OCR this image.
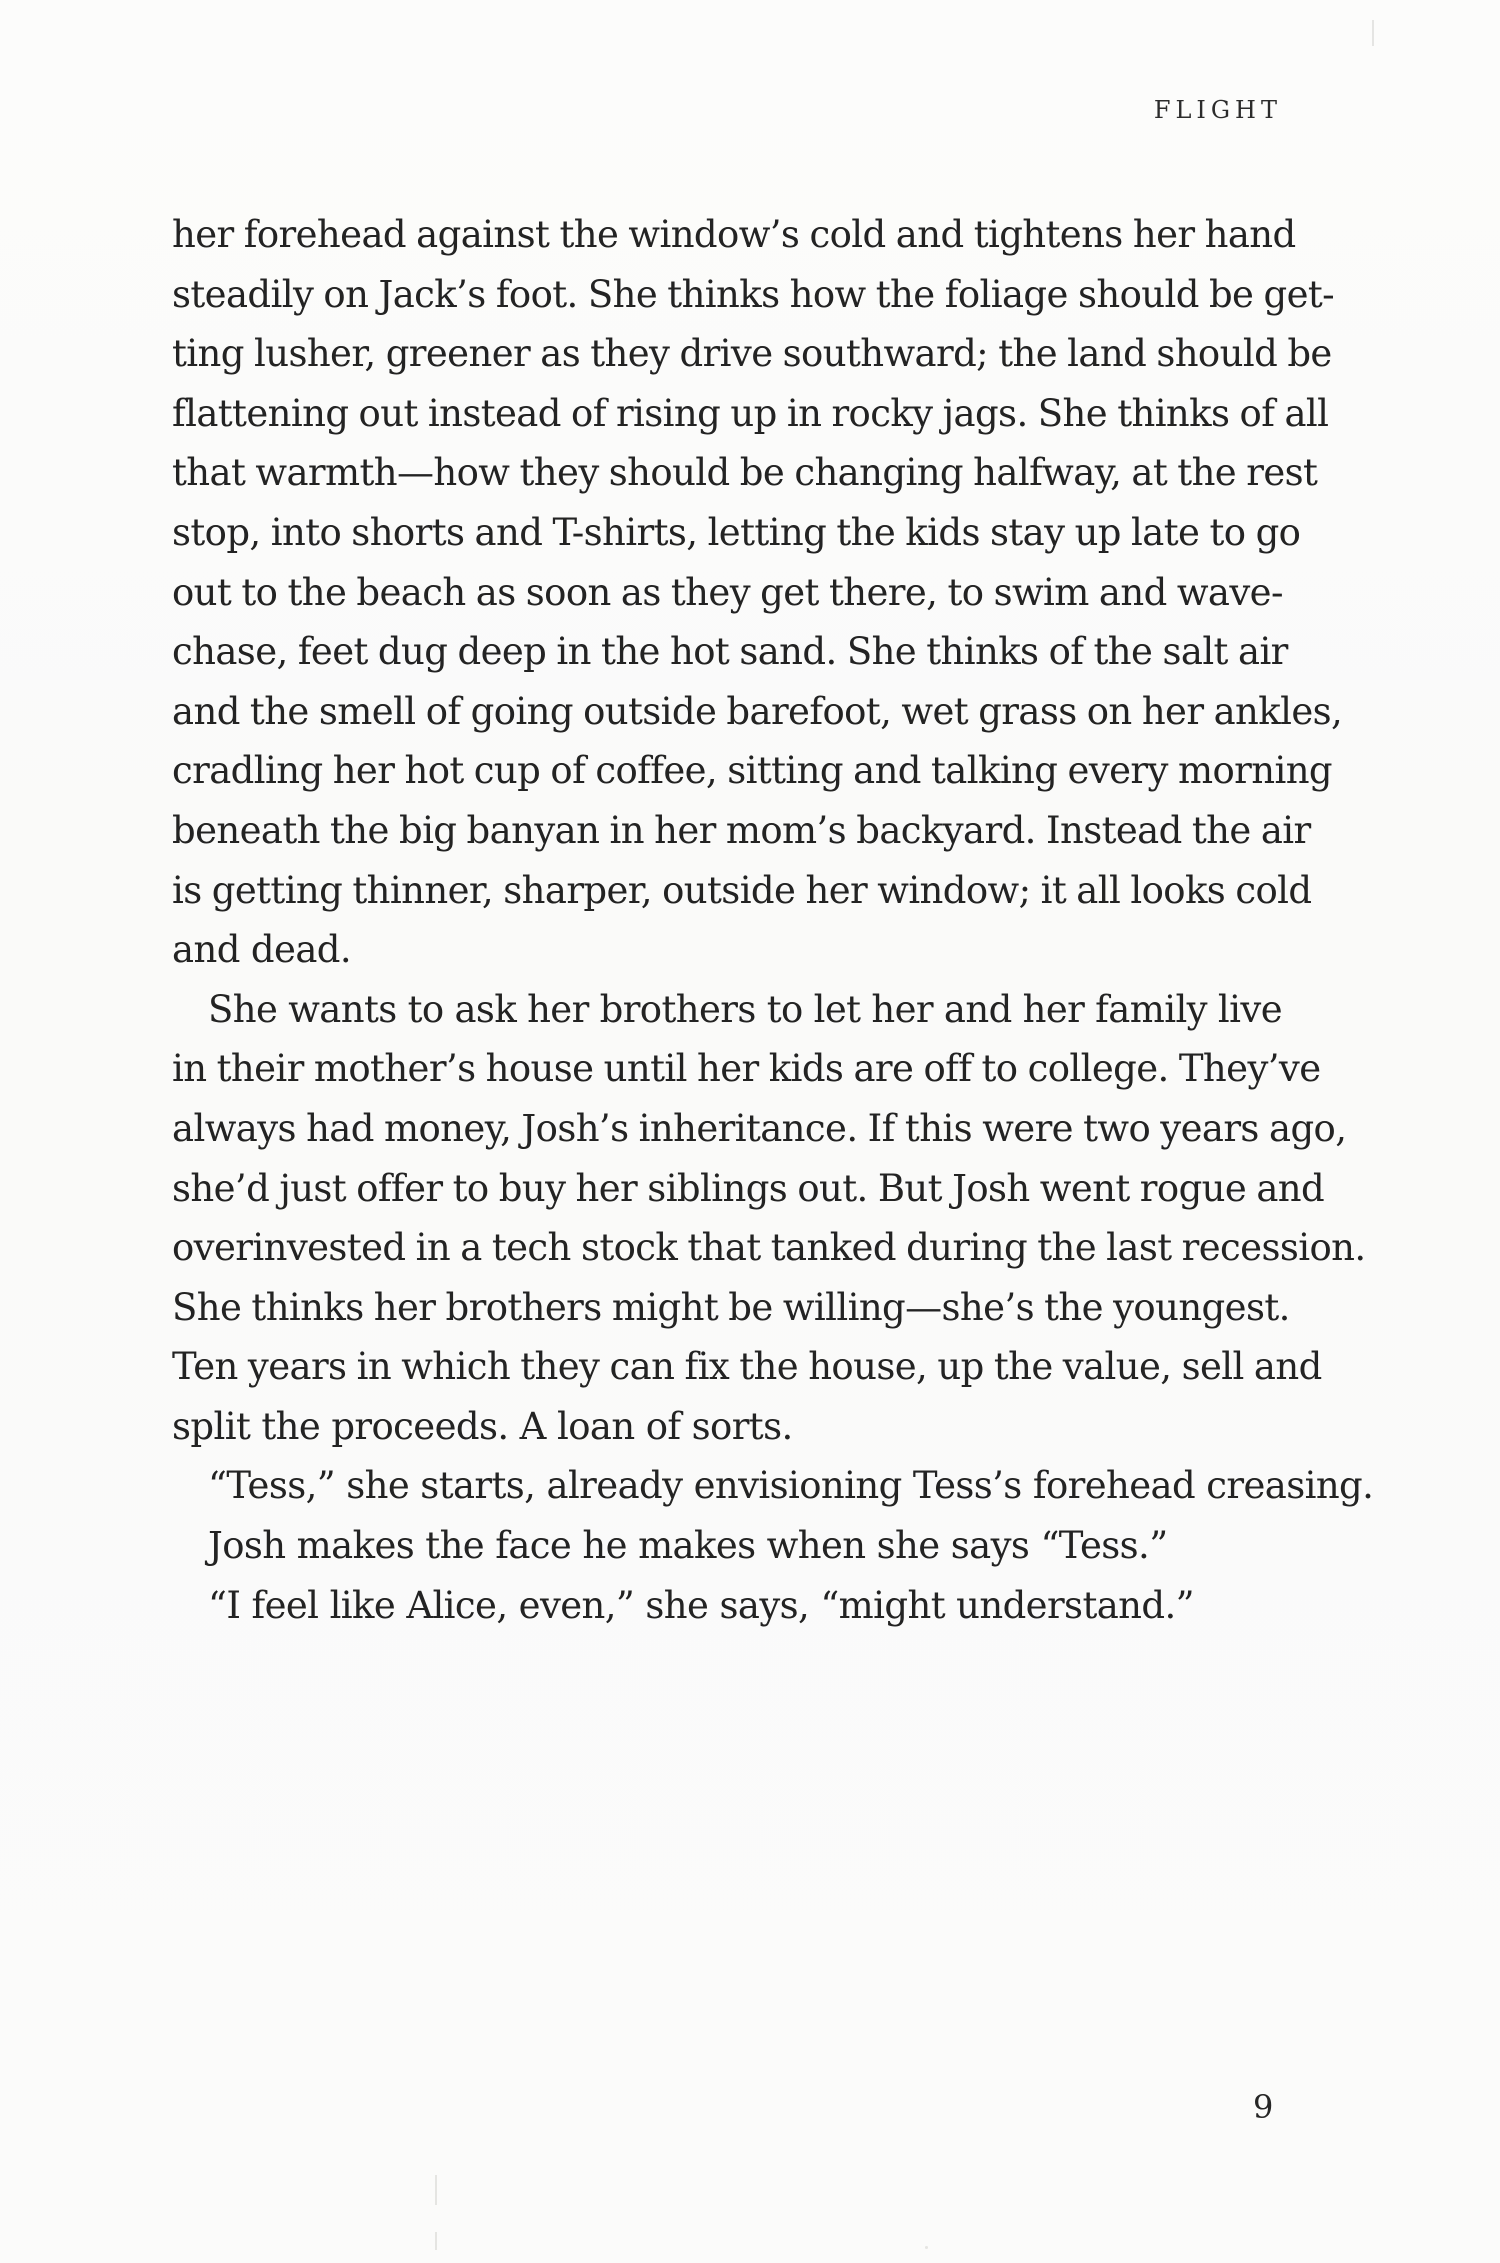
FLIGHT
her forehead against the window’s cold and tightens her hand
steadily on Jack’s foot. She thinks how the foliage should be get-
ting lusher, greener as they drive southward; the land should be
flattening out instead of rising up in rocky jags. She thinks of all
that warmth—how they should be changing halfway, at the rest
stop, into shorts and T-shirts, letting the kids stay up late to go
out to the beach as soon as they get there, to swim and wave-
chase, feet dug deep in the hot sand. She thinks of the salt air
and the smell of going outside barefoot, wet grass on her ankles,
cradling her hot cup of coffee, sitting and talking every morning
beneath the big banyan in her mom’s backyard. Instead the air
is getting thinner, sharper, outside her window; it all looks cold
and dead.
She wants to ask her brothers to let her and her family live
in their mother’s house until her kids are off to college. They’ve
always had money, Josh’s inheritance. If this were two years ago,
she’d just offer to buy her siblings out. But Josh went rogue and
overinvested in a tech stock that tanked during the last recession.
She thinks her brothers might be willing—she’s the youngest.
Ten years in which they can fix the house, up the value, sell and
split the proceeds. A loan of sorts.
“Tess,” she starts, already envisioning Tess’s forehead creasing.
Josh makes the face he makes when she says “Tess.”
“I feel like Alice, even,” she says, “might understand.”
9
